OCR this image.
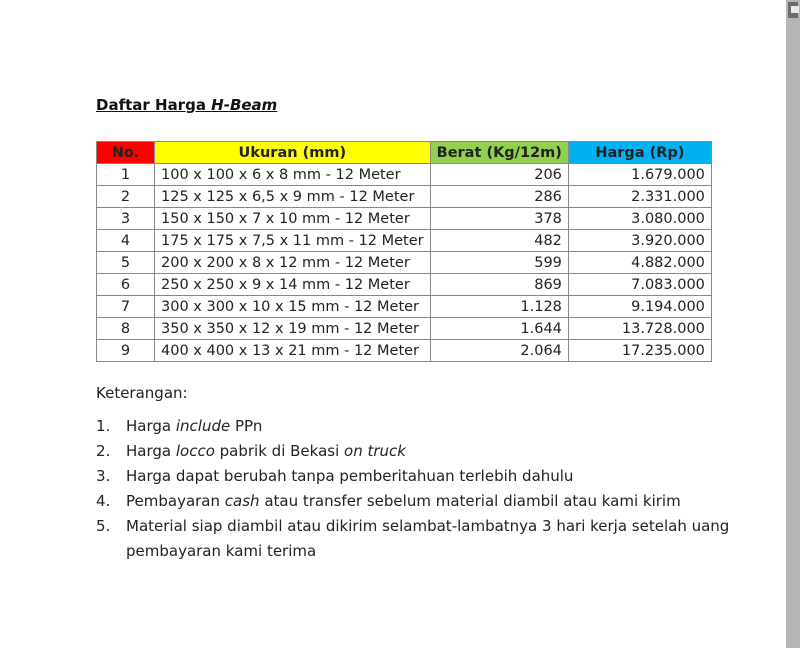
Daftar Harga H-Beam
No.	Ukuran (mm)	Berat (Kg/12m)	Harga (Rp)
1	100 x 100 x 6 x 8 mm - 12 Meter	206	1.679.000
2	125 x 125 x 6,5 x 9 mm - 12 Meter	286	2.331.000
3	150 x 150 x 7 x 10 mm - 12 Meter	378	3.080.000
4	175 x 175 x 7,5 x 11 mm - 12 Meter	482	3.920.000
5	200 x 200 x 8 x 12 mm - 12 Meter	599	4.882.000
6	250 x 250 x 9 x 14 mm - 12 Meter	869	7.083.000
7	300 x 300 x 10 x 15 mm - 12 Meter	1.128	9.194.000
8	350 x 350 x 12 x 19 mm - 12 Meter	1.644	13.728.000
9	400 x 400 x 13 x 21 mm - 12 Meter	2.064	17.235.000
Keterangan:
1. Harga include PPn
2. Harga locco pabrik di Bekasi on truck
3. Harga dapat berubah tanpa pemberitahuan terlebih dahulu
4. Pembayaran cash atau transfer sebelum material diambil atau kami kirim
5. Material siap diambil atau dikirim selambat-lambatnya 3 hari kerja setelah uang pembayaran kami terima
